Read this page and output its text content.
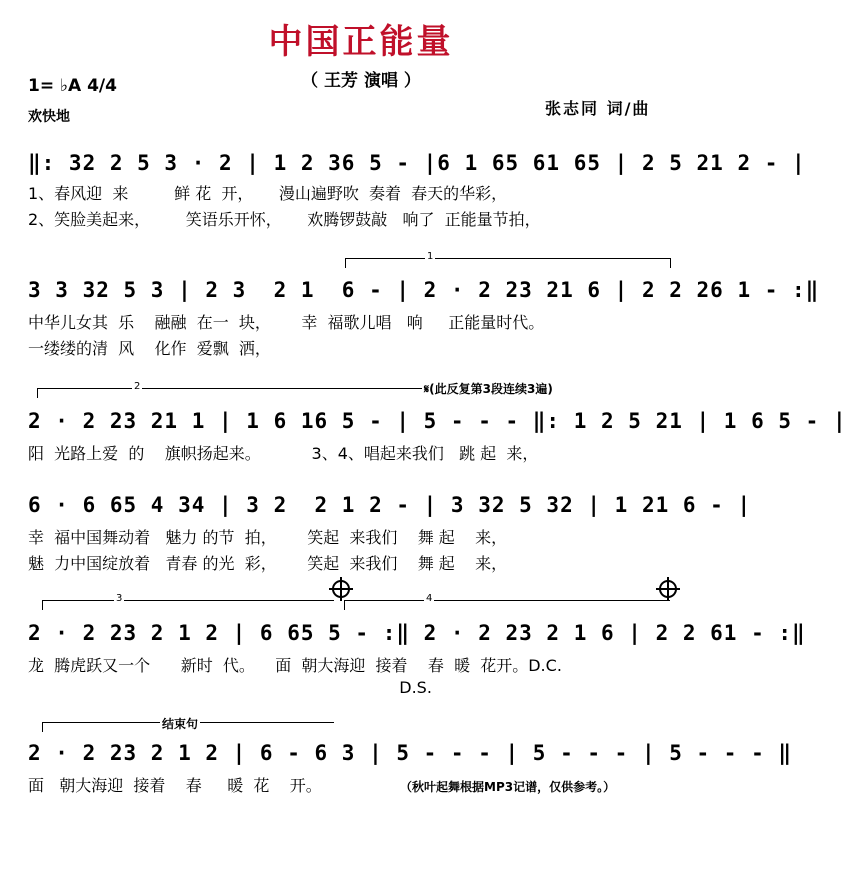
中国正能量
（ 王芳 演唱 ）
1= ♭A 4/4
欢快地	张志同 词/曲
‖: 32 2 5 3 · 2 | 1 2 36 5 - |6 1 65 61 65 | 2 5 21 2 - |
1、春风迎  来         鲜 花  开，     漫山遍野吹  奏着  春天的华彩，
2、笑脸美起来，       笑语乐开怀，     欢腾锣鼓敲   响了  正能量节拍，
1
3 3 32 5 3 | 2 3  2 1  6 - | 2 · 2 23 21 6 | 2 2 26 1 - :‖
中华儿女其  乐    融融  在一  块，      幸  福歌儿唱   响     正能量时代。
一缕缕的清  风    化作  爱飘  洒，
2	𝄋(此反复第3段连续3遍)
2 · 2 23 21 1 | 1 6 16 5 - | 5 - - - ‖: 1 2 5 21 | 1 6 5 - |
阳  光路上爱  的    旗帜扬起来。          3、4、唱起来我们   跳 起  来，
6 · 6 65 4 34 | 3 2  2 1 2 - | 3 32 5 32 | 1 21 6 - |
幸  福中国舞动着   魅力 的节  拍，      笑起  来我们    舞 起    来，
魅  力中国绽放着   青春 的光  彩，      笑起  来我们    舞 起    来，
3	4
2 · 2 23 2 1 2 | 6 65 5 - :‖ 2 · 2 23 2 1 6 | 2 2 61 - :‖
龙  腾虎跃又一个      新时  代。    面  朝大海迎  接着    春  暖  花开。D.C.
D.S.
结束句
2 · 2 23 2 1 2 | 6 - 6 3 | 5 - - - | 5 - - - | 5 - - - ‖
面   朝大海迎  接着    春     暖  花    开。	（秋叶起舞根据MP3记谱，仅供参考。）
